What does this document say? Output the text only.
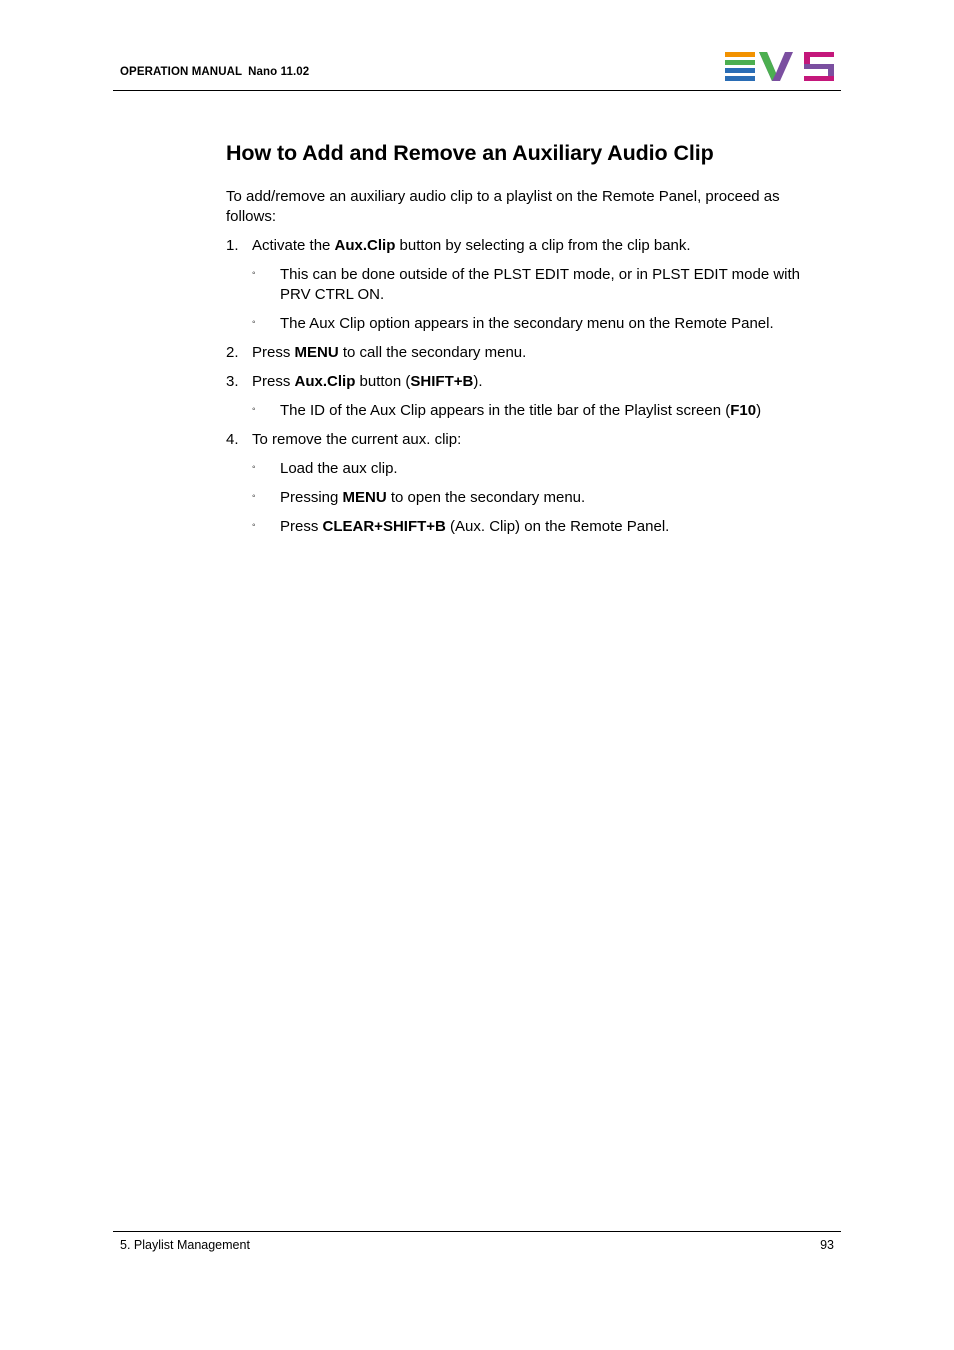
OPERATION MANUAL Nano 11.02
How to Add and Remove an Auxiliary Audio Clip

To add/remove an auxiliary audio clip to a playlist on the Remote Panel, proceed as follows:

1. Activate the Aux.Clip button by selecting a clip from the clip bank.
◦ This can be done outside of the PLST EDIT mode, or in PLST EDIT mode with PRV CTRL ON.
◦ The Aux Clip option appears in the secondary menu on the Remote Panel.
2. Press MENU to call the secondary menu.
3. Press Aux.Clip button (SHIFT+B).
◦ The ID of the Aux Clip appears in the title bar of the Playlist screen (F10)
4. To remove the current aux. clip:
◦ Load the aux clip.
◦ Pressing MENU to open the secondary menu.
◦ Press CLEAR+SHIFT+B (Aux. Clip) on the Remote Panel.
5. Playlist Management	93
